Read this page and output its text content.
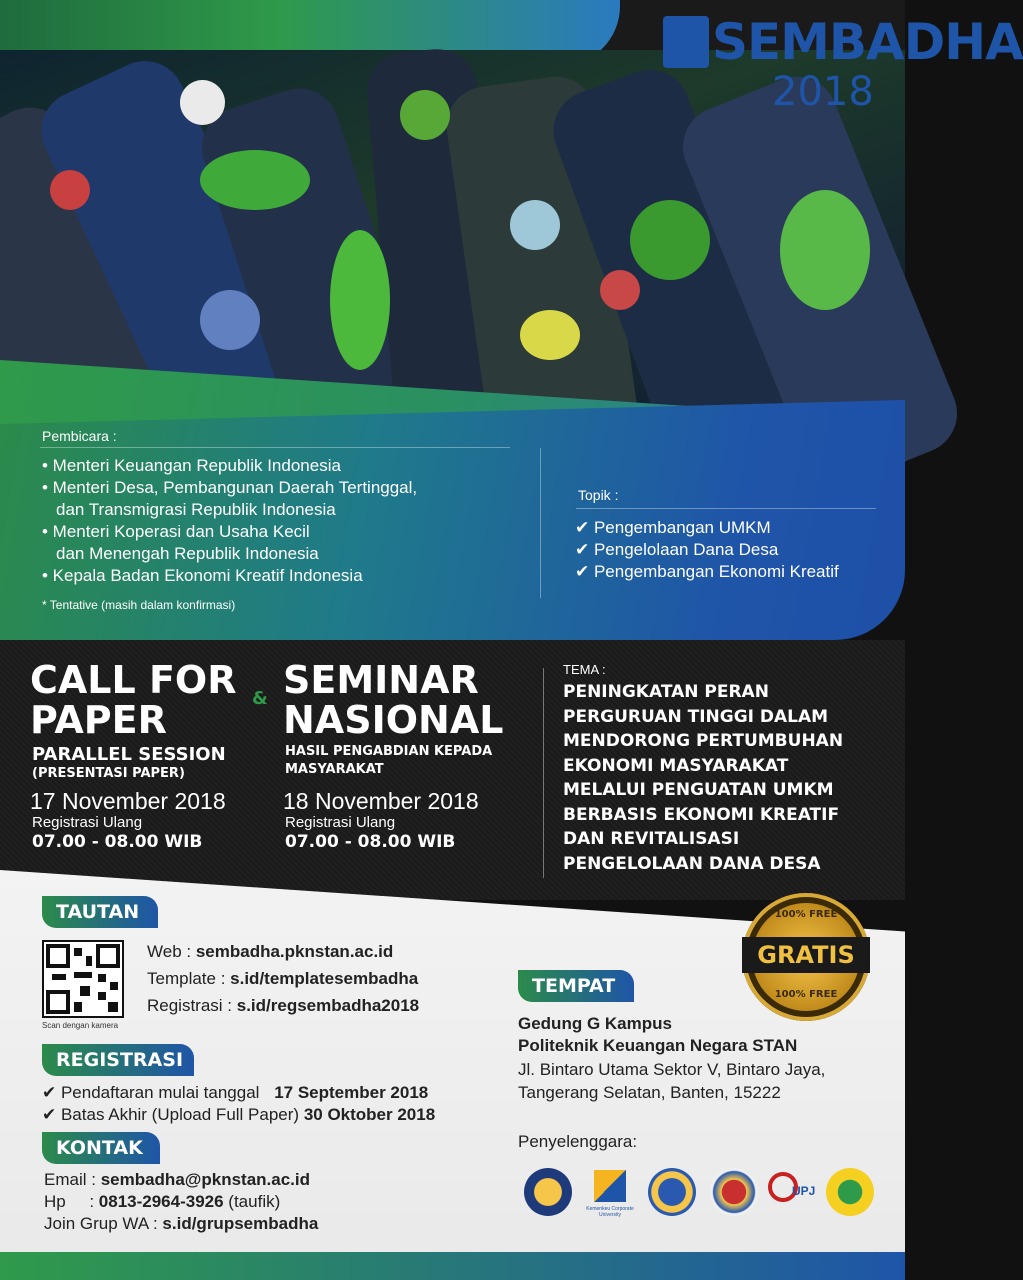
SEMBADHA
2018
Pembicara :
• Menteri Keuangan Republik Indonesia
• Menteri Desa, Pembangunan Daerah Tertinggal,
dan Transmigrasi Republik Indonesia
• Menteri Koperasi dan Usaha Kecil
dan Menengah Republik Indonesia
• Kepala Badan Ekonomi Kreatif Indonesia
* Tentative (masih dalam konfirmasi)
Topik :
✔ Pengembangan UMKM
✔ Pengelolaan Dana Desa
✔ Pengembangan Ekonomi Kreatif
CALL FOR
PAPER
PARALLEL SESSION
(PRESENTASI PAPER)
17 November 2018
Registrasi Ulang
07.00 - 08.00 WIB
& SEMINAR
NASIONAL
HASIL PENGABDIAN KEPADA
MASYARAKAT
18 November 2018
Registrasi Ulang
07.00 - 08.00 WIB
TEMA :
PENINGKATAN PERAN
PERGURUAN TINGGI DALAM
MENDORONG PERTUMBUHAN
EKONOMI MASYARAKAT
MELALUI PENGUATAN UMKM
BERBASIS EKONOMI KREATIF
DAN REVITALISASI
PENGELOLAAN DANA DESA
TAUTAN
Scan dengan kamera
Web : sembadha.pknstan.ac.id
Template : s.id/templatesembadha
Registrasi : s.id/regsembadha2018
100% FREE
GRATIS
100% FREE
TEMPAT
Gedung G Kampus
Politeknik Keuangan Negara STAN
Jl. Bintaro Utama Sektor V, Bintaro Jaya,
Tangerang Selatan, Banten, 15222
REGISTRASI
✔ Pendaftaran mulai tanggal 17 September 2018
✔ Batas Akhir (Upload Full Paper) 30 Oktober 2018
KONTAK
Email : sembadha@pknstan.ac.id
Hp     : 0813-2964-3926 (taufik)
Join Grup WA : s.id/grupsembadha
Penyelenggara:
Kemenkeu Corporate University
UPJ
